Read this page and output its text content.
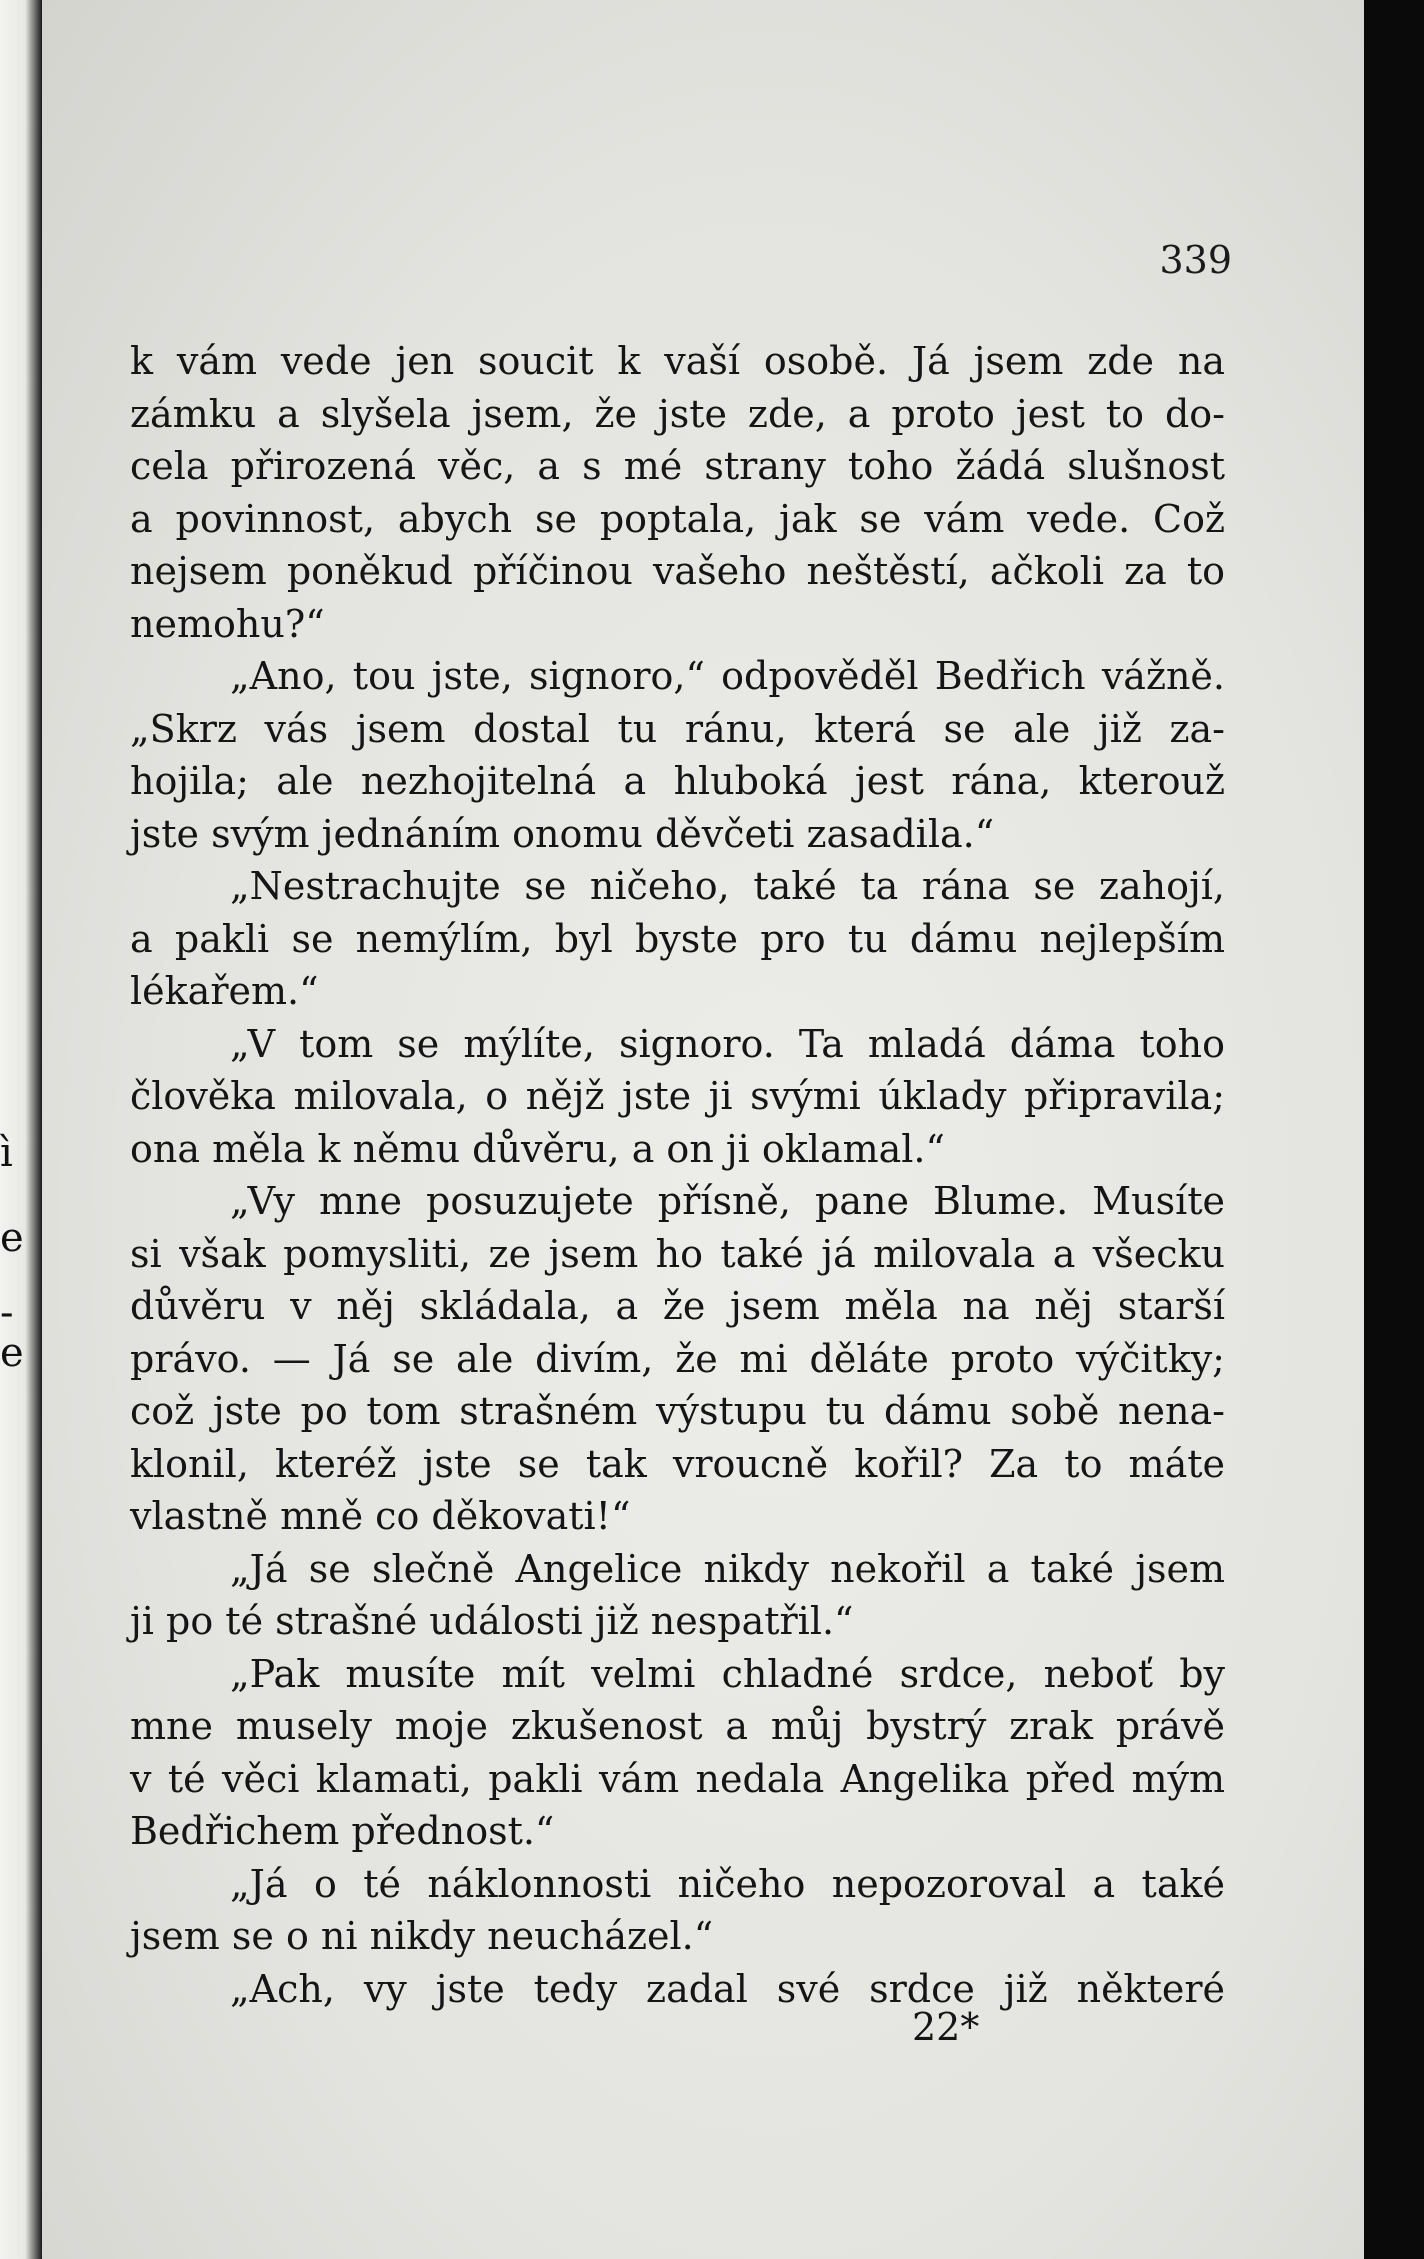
ì
e
-
e
339
k vám vede jen soucit k vaší osobě. Já jsem zde na
zámku a slyšela jsem, že jste zde, a proto jest to do-
cela přirozená věc, a s mé strany toho žádá slušnost
a povinnost, abych se poptala, jak se vám vede. Což
nejsem poněkud příčinou vašeho neštěstí, ačkoli za to
nemohu?“
„Ano, tou jste, signoro,“ odpověděl Bedřich vážně.
„Skrz vás jsem dostal tu ránu, která se ale již za-
hojila; ale nezhojitelná a hluboká jest rána, kterouž
jste svým jednáním onomu děvčeti zasadila.“
„Nestrachujte se ničeho, také ta rána se zahojí,
a pakli se nemýlím, byl byste pro tu dámu nejlepším
lékařem.“
„V tom se mýlíte, signoro. Ta mladá dáma toho
člověka milovala, o nějž jste ji svými úklady připravila;
ona měla k němu důvěru, a on ji oklamal.“
„Vy mne posuzujete přísně, pane Blume. Musíte
si však pomysliti, ze jsem ho také já milovala a všecku
důvěru v něj skládala, a že jsem měla na něj starší
právo. — Já se ale divím, že mi děláte proto výčitky;
což jste po tom strašném výstupu tu dámu sobě nena-
klonil, kteréž jste se tak vroucně kořil? Za to máte
vlastně mně co děkovati!“
„Já se slečně Angelice nikdy nekořil a také jsem
ji po té strašné události již nespatřil.“
„Pak musíte mít velmi chladné srdce, neboť by
mne musely moje zkušenost a můj bystrý zrak právě
v té věci klamati, pakli vám nedala Angelika před mým
Bedřichem přednost.“
„Já o té náklonnosti ničeho nepozoroval a také
jsem se o ni nikdy neucházel.“
„Ach, vy jste tedy zadal své srdce již některé
22*
